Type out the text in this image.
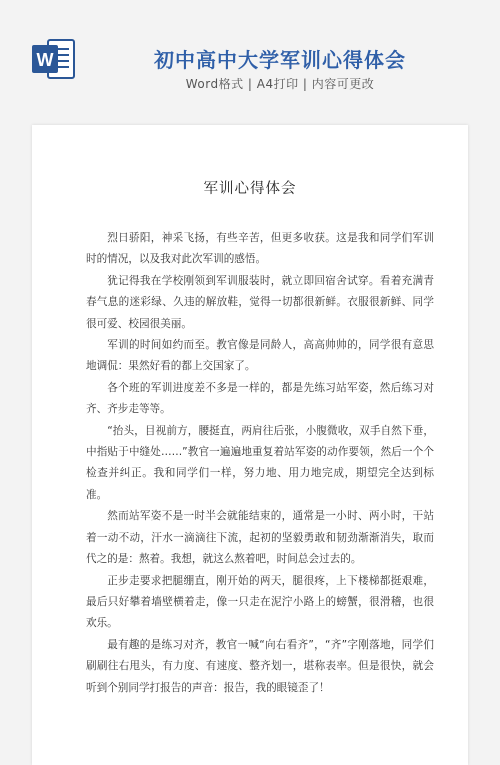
W	初中高中大学军训心得体会
Word格式 | A4打印 | 内容可更改
军训心得体会

烈日骄阳，神采飞扬，有些辛苦，但更多收获。这是我和同学们军训时的情况，以及我对此次军训的感悟。

犹记得我在学校刚领到军训服装时，就立即回宿舍试穿。看着充满青春气息的迷彩绿、久违的解放鞋，觉得一切都很新鲜。衣服很新鲜、同学很可爱、校园很美丽。

军训的时间如约而至。教官像是同龄人，高高帅帅的，同学很有意思地调侃：果然好看的都上交国家了。

各个班的军训进度差不多是一样的，都是先练习站军姿，然后练习对齐、齐步走等等。

“抬头，目视前方，腰挺直，两肩往后张，小腹微收，双手自然下垂，中指贴于中缝处……”教官一遍遍地重复着站军姿的动作要领，然后一个个检查并纠正。我和同学们一样，努力地、用力地完成，期望完全达到标准。

然而站军姿不是一时半会就能结束的，通常是一小时、两小时，干站着一动不动，汗水一滴滴往下流，起初的坚毅勇敢和韧劲渐渐消失，取而代之的是：熬着。我想，就这么熬着吧，时间总会过去的。

正步走要求把腿绷直，刚开始的两天，腿很疼，上下楼梯都挺艰难，最后只好攀着墙壁横着走，像一只走在泥泞小路上的螃蟹，很滑稽，也很欢乐。

最有趣的是练习对齐，教官一喊“向右看齐”，“齐”字刚落地，同学们刷刷往右甩头，有力度、有速度、整齐划一，堪称表率。但是很快，就会听到个别同学打报告的声音：报告，我的眼镜歪了！
